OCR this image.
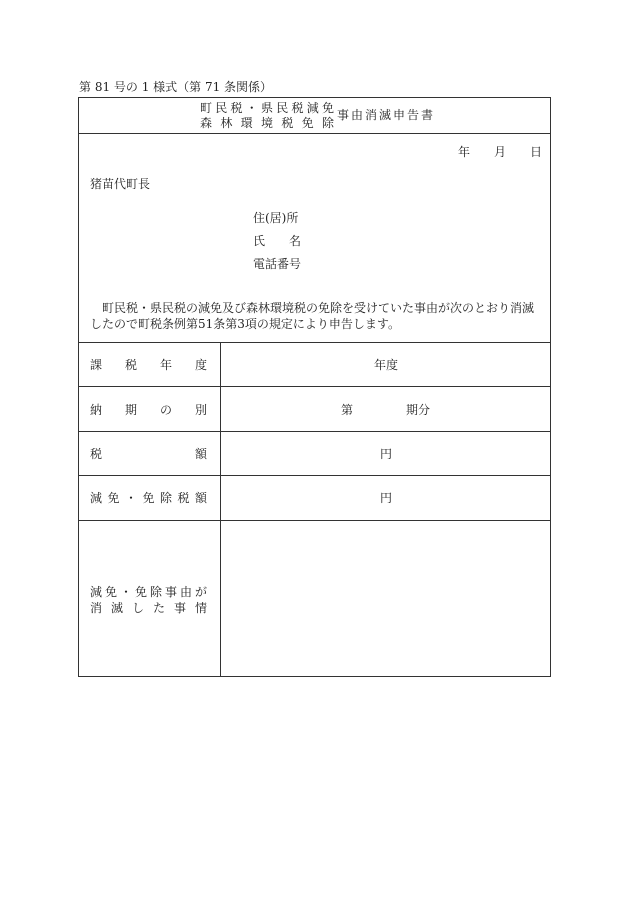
第 81 号の 1 様式（第 71 条関係）
町民税・県民税減免
森林環境税免除
事由消滅申告書
年 月 日
猪苗代町長
住(居)所
氏　　名
電話番号
町民税・県民税の減免及び森林環境税の免除を受けていた事由が次のとおり消滅したので町税条例第51条第3項の規定により申告します。
課税年度	年度
納期の別	第	期分
税額	円
減免・免除税額	円
減免・免除事由が
消滅した事情
